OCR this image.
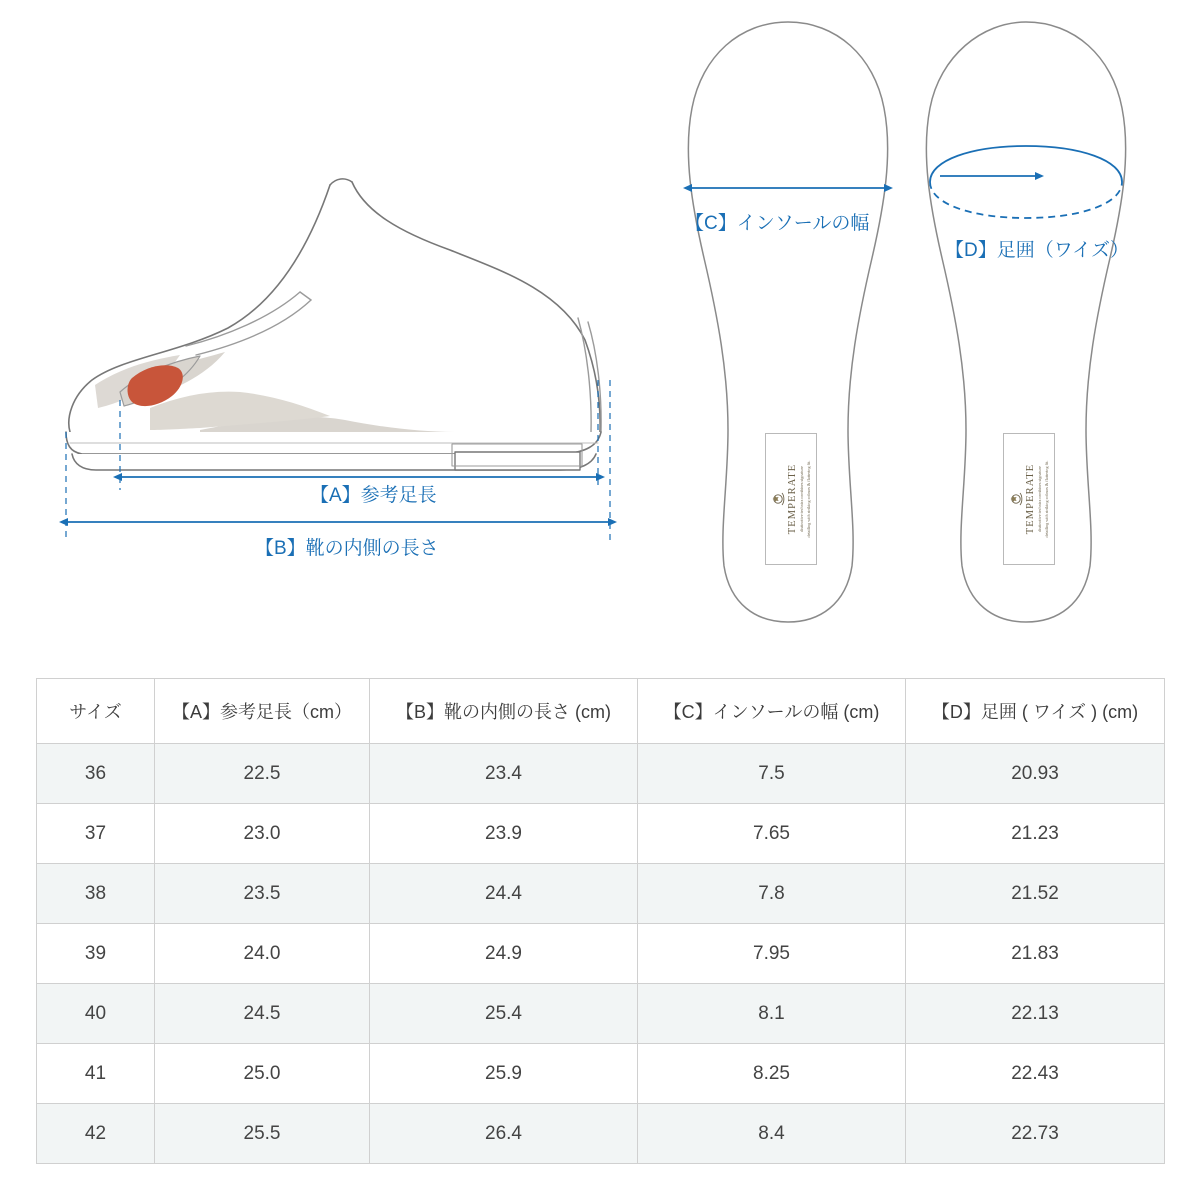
【A】参考足長
【B】靴の内側の長さ
【C】インソールの幅
【D】足囲（ワイズ）
TEMPERATE distinctive technics combines signature detailing with striking colours & flattering fit.	TEMPERATE distinctive technics combines signature detailing with striking colours & flattering fit.
サイズ	【A】参考足長（cm）	【B】靴の内側の長さ (cm)	【C】インソールの幅 (cm)	【D】足囲 ( ワイズ ) (cm)
36	22.5	23.4	7.5	20.93
37	23.0	23.9	7.65	21.23
38	23.5	24.4	7.8	21.52
39	24.0	24.9	7.95	21.83
40	24.5	25.4	8.1	22.13
41	25.0	25.9	8.25	22.43
42	25.5	26.4	8.4	22.73
